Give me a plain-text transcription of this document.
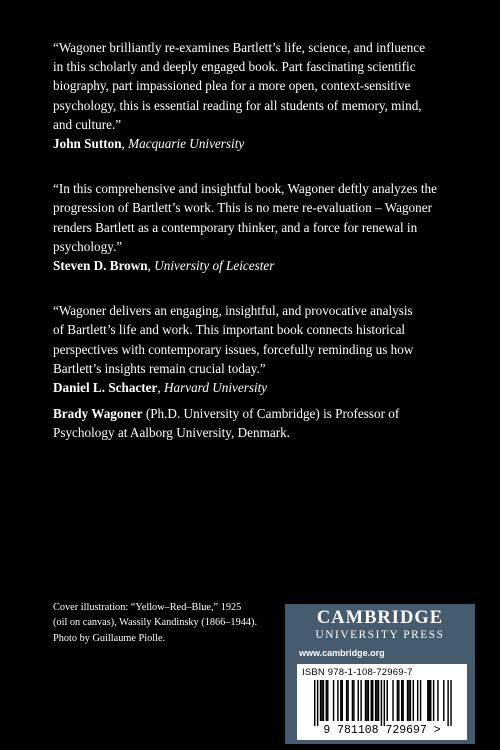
“Wagoner brilliantly re-examines Bartlett’s life, science, and influence
in this scholarly and deeply engaged book. Part fascinating scientific
biography, part impassioned plea for a more open, context-sensitive
psychology, this is essential reading for all students of memory, mind,
and culture.”

John Sutton, Macquarie University

“In this comprehensive and insightful book, Wagoner deftly analyzes the
progression of Bartlett’s work. This is no mere re-evaluation – Wagoner
renders Bartlett as a contemporary thinker, and a force for renewal in
psychology.”

Steven D. Brown, University of Leicester

“Wagoner delivers an engaging, insightful, and provocative analysis
of Bartlett’s life and work. This important book connects historical
perspectives with contemporary issues, forcefully reminding us how
Bartlett’s insights remain crucial today.”

Daniel L. Schacter, Harvard University

Brady Wagoner (Ph.D. University of Cambridge) is Professor of
Psychology at Aalborg University, Denmark.

Cover illustration: “Yellow–Red–Blue,” 1925
(oil on canvas), Wassily Kandinsky (1866–1944).
Photo by Guillaume Piolle.
CAMBRIDGE
UNIVERSITY PRESS
www.cambridge.org
ISBN 978-1-108-72969-7
9 781108 729697 >
